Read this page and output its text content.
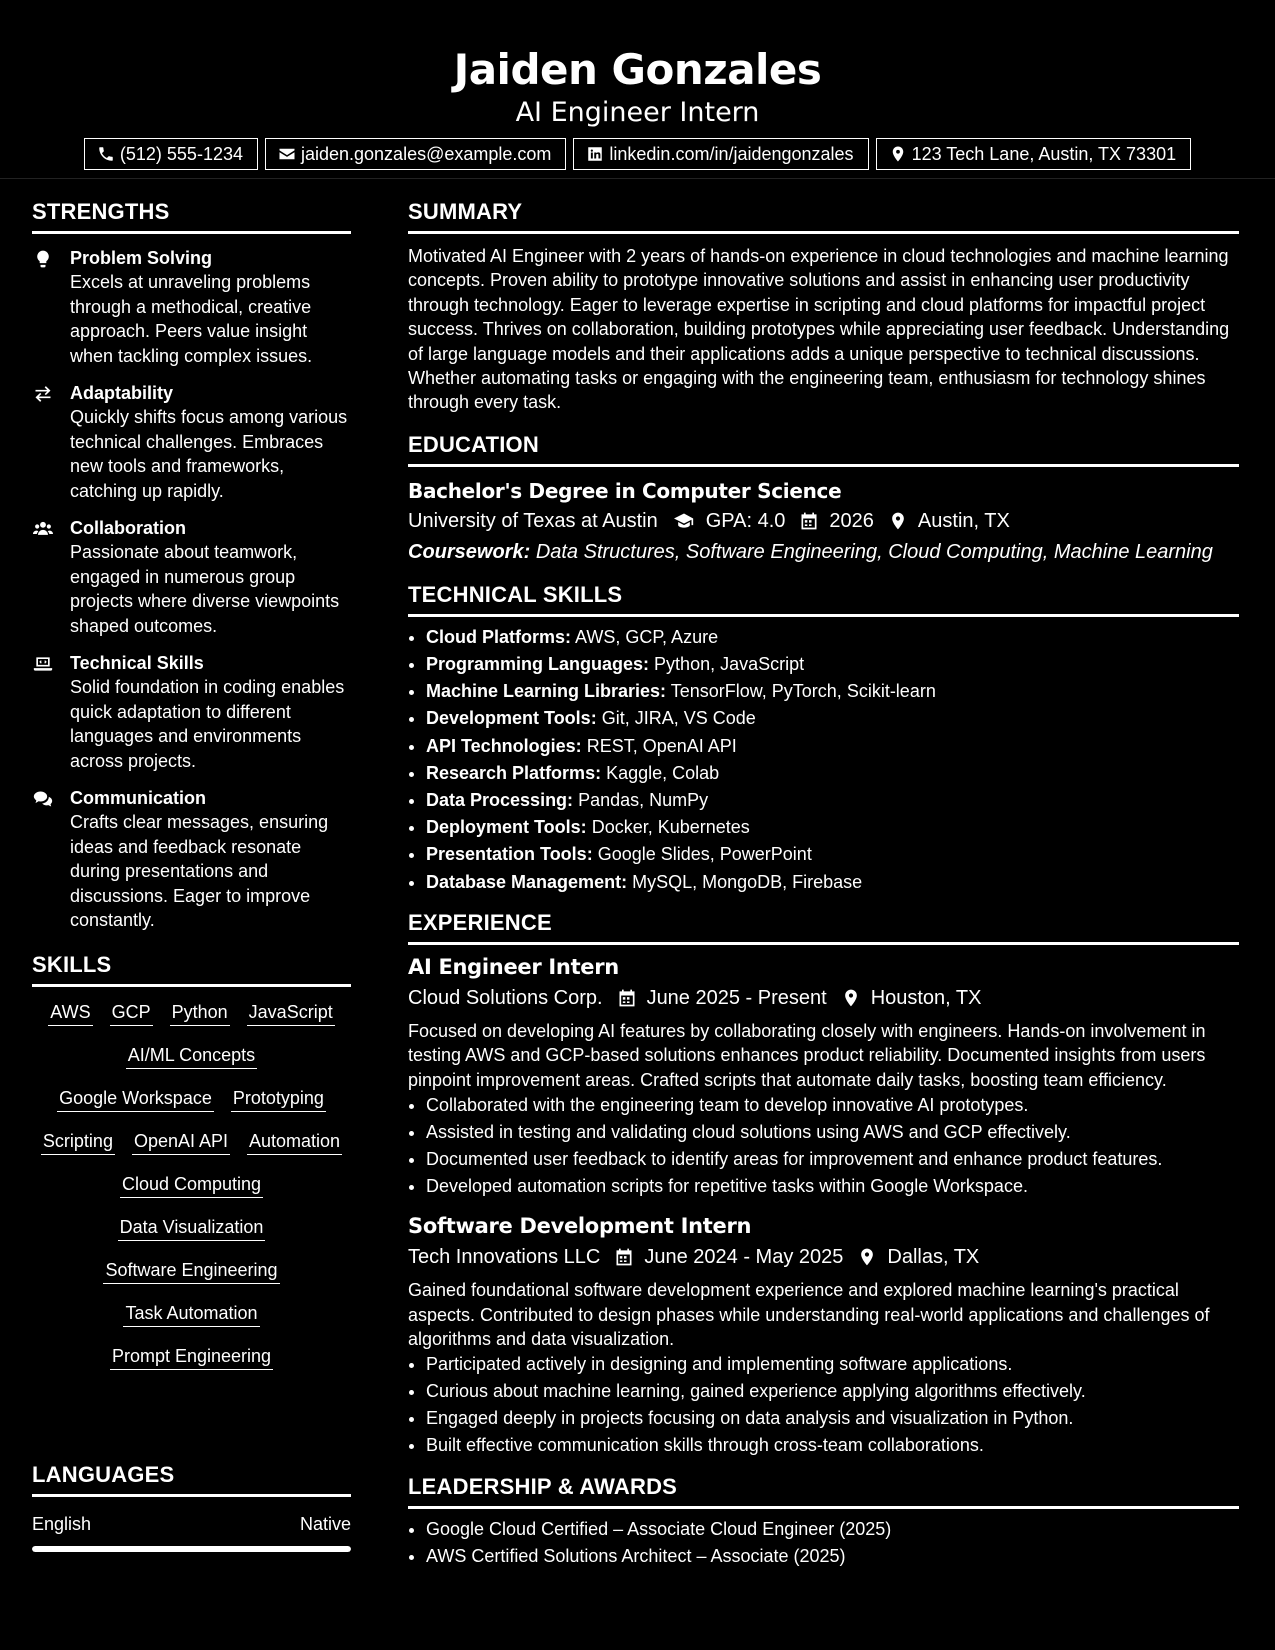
Jaiden Gonzales
AI Engineer Intern
(512) 555-1234	jaiden.gonzales@example.com	linkedin.com/in/jaidengonzales	123 Tech Lane, Austin, TX 73301
STRENGTHS
Problem Solving
Excels at unraveling problems through a methodical, creative approach. Peers value insight when tackling complex issues.
Adaptability
Quickly shifts focus among various technical challenges. Embraces new tools and frameworks, catching up rapidly.
Collaboration
Passionate about teamwork, engaged in numerous group projects where diverse viewpoints shaped outcomes.
Technical Skills
Solid foundation in coding enables quick adaptation to different languages and environments across projects.
Communication
Crafts clear messages, ensuring ideas and feedback resonate during presentations and discussions. Eager to improve constantly.
SKILLS
AWS GCP Python JavaScript
AI/ML Concepts
Google Workspace Prototyping
Scripting OpenAI API Automation
Cloud Computing
Data Visualization
Software Engineering
Task Automation
Prompt Engineering
LANGUAGES
English	Native
SUMMARY
Motivated AI Engineer with 2 years of hands-on experience in cloud technologies and machine learning concepts. Proven ability to prototype innovative solutions and assist in enhancing user productivity through technology. Eager to leverage expertise in scripting and cloud platforms for impactful project success. Thrives on collaboration, building prototypes while appreciating user feedback. Understanding of large language models and their applications adds a unique perspective to technical discussions. Whether automating tasks or engaging with the engineering team, enthusiasm for technology shines through every task.
EDUCATION
Bachelor's Degree in Computer Science
University of Texas at Austin GPA: 4.0 2026 Austin, TX
Coursework: Data Structures, Software Engineering, Cloud Computing, Machine Learning
TECHNICAL SKILLS
• Cloud Platforms: AWS, GCP, Azure
• Programming Languages: Python, JavaScript
• Machine Learning Libraries: TensorFlow, PyTorch, Scikit-learn
• Development Tools: Git, JIRA, VS Code
• API Technologies: REST, OpenAI API
• Research Platforms: Kaggle, Colab
• Data Processing: Pandas, NumPy
• Deployment Tools: Docker, Kubernetes
• Presentation Tools: Google Slides, PowerPoint
• Database Management: MySQL, MongoDB, Firebase
EXPERIENCE
AI Engineer Intern
Cloud Solutions Corp. June 2025 - Present Houston, TX
Focused on developing AI features by collaborating closely with engineers. Hands-on involvement in testing AWS and GCP-based solutions enhances product reliability. Documented insights from users pinpoint improvement areas. Crafted scripts that automate daily tasks, boosting team efficiency.
• Collaborated with the engineering team to develop innovative AI prototypes.
• Assisted in testing and validating cloud solutions using AWS and GCP effectively.
• Documented user feedback to identify areas for improvement and enhance product features.
• Developed automation scripts for repetitive tasks within Google Workspace.
Software Development Intern
Tech Innovations LLC June 2024 - May 2025 Dallas, TX
Gained foundational software development experience and explored machine learning's practical aspects. Contributed to design phases while understanding real-world applications and challenges of algorithms and data visualization.
• Participated actively in designing and implementing software applications.
• Curious about machine learning, gained experience applying algorithms effectively.
• Engaged deeply in projects focusing on data analysis and visualization in Python.
• Built effective communication skills through cross-team collaborations.
LEADERSHIP & AWARDS
• Google Cloud Certified – Associate Cloud Engineer (2025)
• AWS Certified Solutions Architect – Associate (2025)
